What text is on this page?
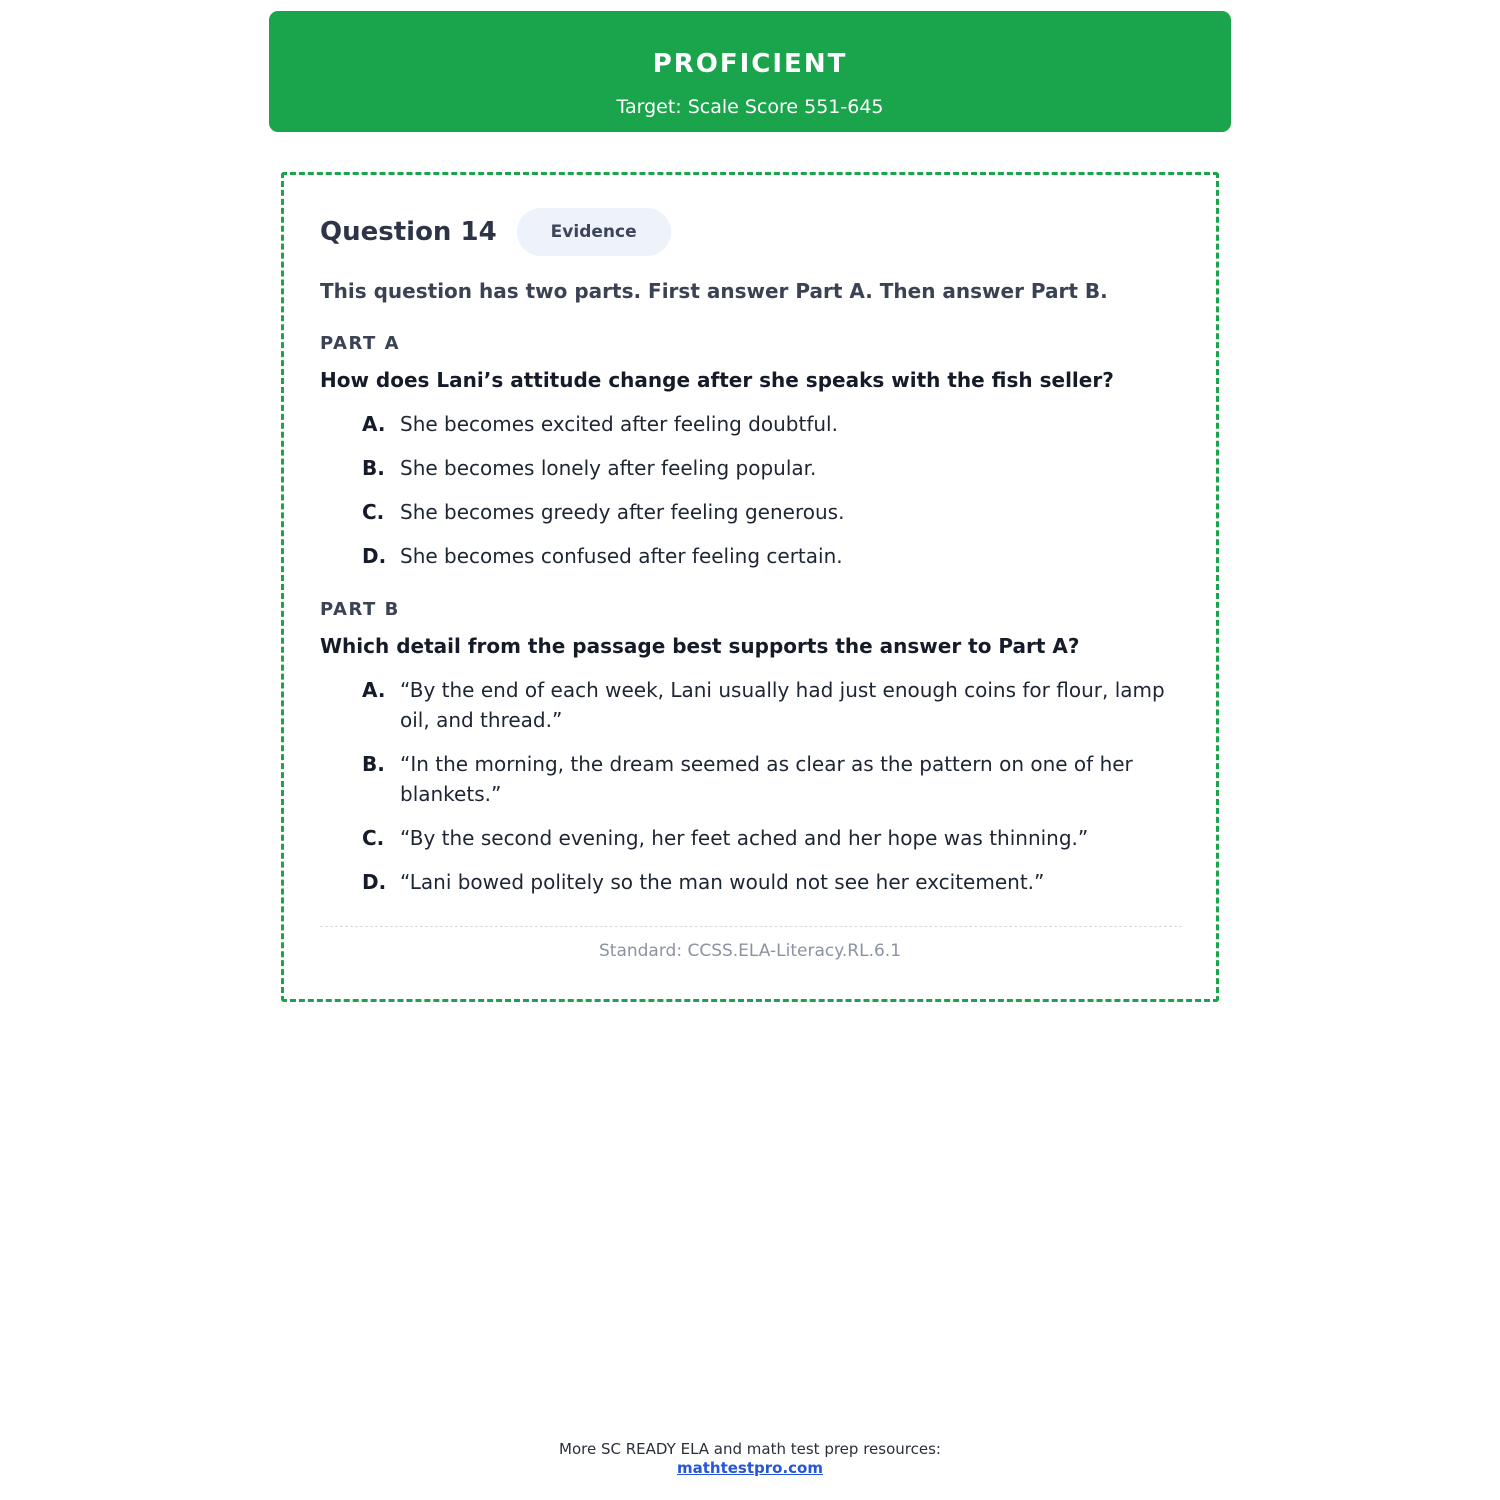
PROFICIENT
Target: Scale Score 551-645
Question 14	Evidence
This question has two parts. First answer Part A. Then answer Part B.
PART A
How does Lani’s attitude change after she speaks with the fish seller?
A. She becomes excited after feeling doubtful.
B. She becomes lonely after feeling popular.
C. She becomes greedy after feeling generous.
D. She becomes confused after feeling certain.
PART B
Which detail from the passage best supports the answer to Part A?
A. “By the end of each week, Lani usually had just enough coins for flour, lamp oil, and thread.”
B. “In the morning, the dream seemed as clear as the pattern on one of her blankets.”
C. “By the second evening, her feet ached and her hope was thinning.”
D. “Lani bowed politely so the man would not see her excitement.”
Standard: CCSS.ELA-Literacy.RL.6.1
More SC READY ELA and math test prep resources:
mathtestpro.com
